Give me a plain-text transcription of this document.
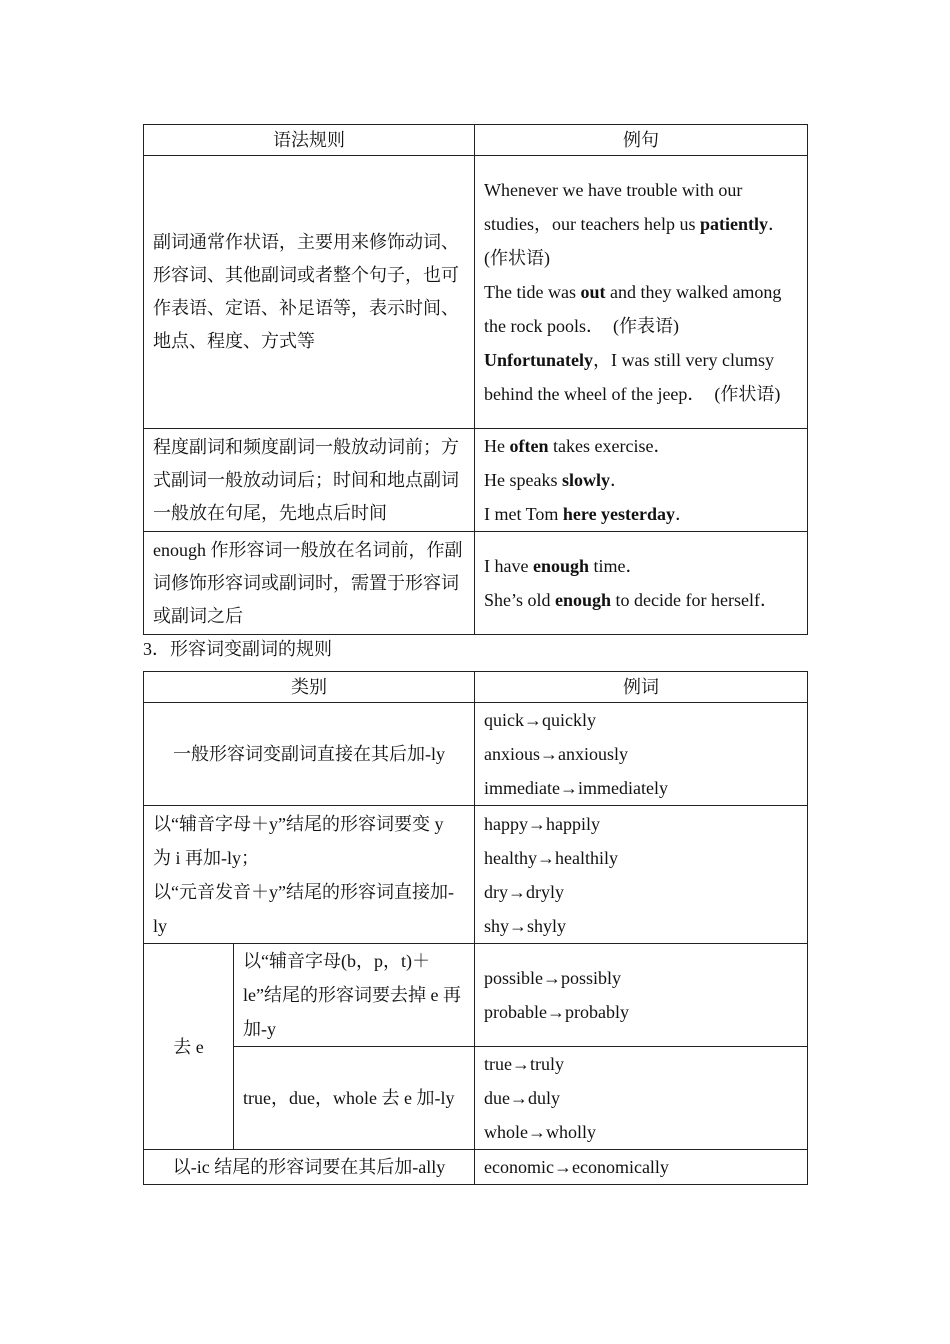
语法规则	例句
副词通常作状语，主要用来修饰动词、形容词、其他副词或者整个句子，也可作表语、定语、补足语等，表示时间、地点、程度、方式等	Whenever we have trouble with our studies，our teachers help us patiently．　(作状语)
The tide was out and they walked among the rock pools．　(作表语)
Unfortunately，I was still very clumsy behind the wheel of the jeep．　(作状语)

程度副词和频度副词一般放动词前；方式副词一般放动词后；时间和地点副词一般放在句尾，先地点后时间	He often takes exercise．
He speaks slowly．
I met Tom here yesterday．

enough 作形容词一般放在名词前，作副词修饰形容词或副词时，需置于形容词或副词之后	I have enough time．
She’s old enough to decide for herself．
3．形容词变副词的规则
类别		例词
一般形容词变副词直接在其后加-ly		quick→quickly
anxious→anxiously
immediate→immediately

以“辅音字母＋y”结尾的形容词要变 y 为 i 再加-ly；
以“元音发音＋y”结尾的形容词直接加-ly		happy→happily
healthy→healthily
dry→dryly
shy→shyly

去 e	以“辅音字母(b，p，t)＋le”结尾的形容词要去掉 e 再加-y	possible→possibly
probable→probably

	true，due，whole 去 e 加-ly	true→truly
due→duly
whole→wholly

以-ic 结尾的形容词要在其后加-ally		economic→economically
